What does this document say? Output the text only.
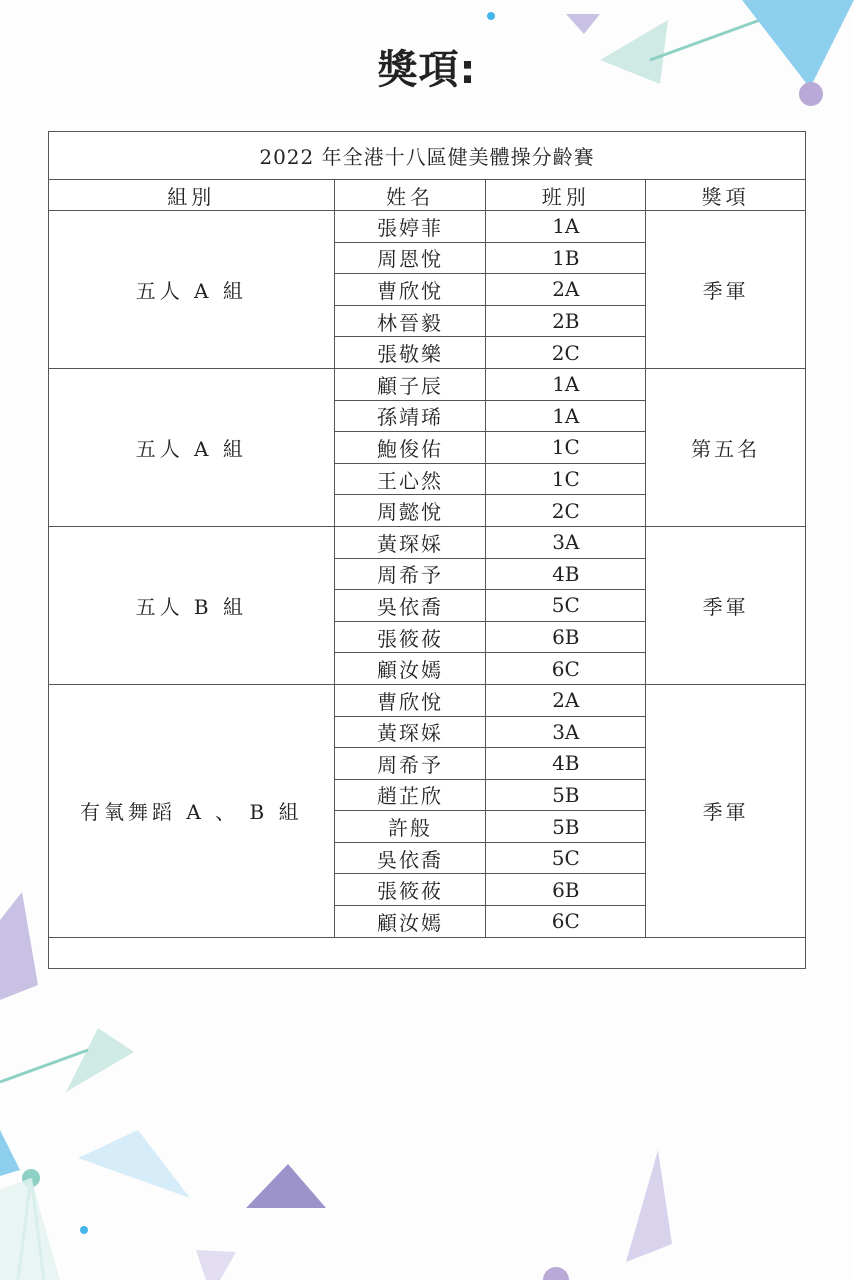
獎項:
2022 年全港十八區健美體操分齡賽			
組別	姓名	班別	獎項
五人 A 組	張婷菲	1A	季軍
	周恩悅	1B	
	曹欣悅	2A	
	林晉毅	2B	
	張敬樂	2C	
五人 A 組	顧子辰	1A	第五名
	孫靖琋	1A	
	鮑俊佑	1C	
	王心然	1C	
	周懿悅	2C	
五人 B 組	黃琛婇	3A	季軍
	周希予	4B	
	吳依喬	5C	
	張筱莜	6B	
	顧汝嫣	6C	
有氧舞蹈 A 、 B 組	曹欣悅	2A	季軍
	黃琛婇	3A	
	周希予	4B	
	趙芷欣	5B	
	許般	5B	
	吳依喬	5C	
	張筱莜	6B	
	顧汝嫣	6C	
